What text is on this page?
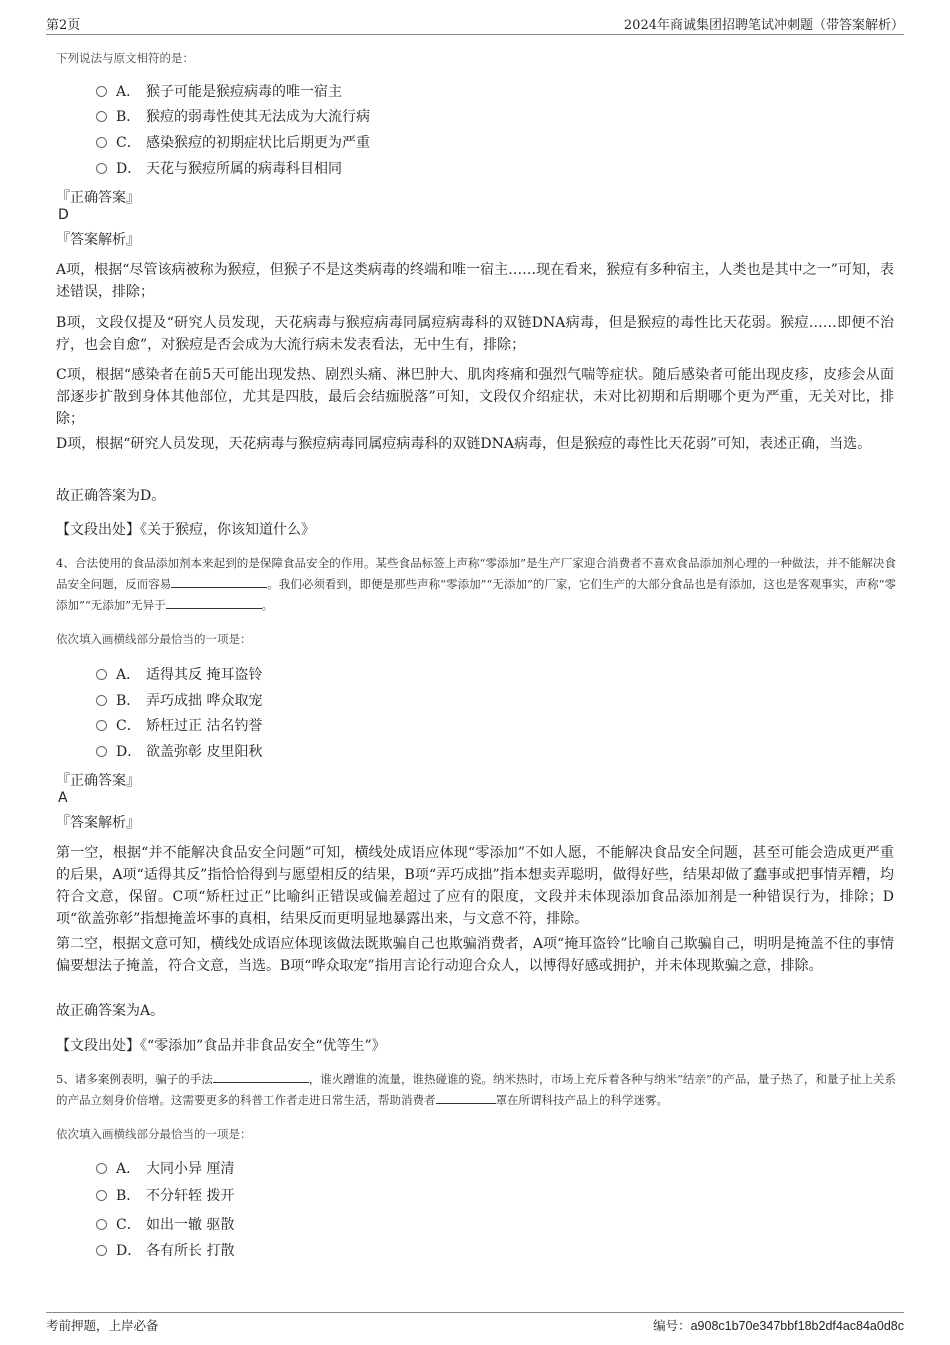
第2页	2024年商诚集团招聘笔试冲刺题（带答案解析）
下列说法与原文相符的是：
A． 猴子可能是猴痘病毒的唯一宿主
B． 猴痘的弱毒性使其无法成为大流行病
C． 感染猴痘的初期症状比后期更为严重
D． 天花与猴痘所属的病毒科目相同
『正确答案』
D
『答案解析』
A项，根据“尽管该病被称为猴痘，但猴子不是这类病毒的终端和唯一宿主……现在看来，猴痘有多种宿主，人类也是其中之一”可知，表述错误，排除；
B项，文段仅提及“研究人员发现，天花病毒与猴痘病毒同属痘病毒科的双链DNA病毒，但是猴痘的毒性比天花弱。猴痘……即便不治疗，也会自愈”，对猴痘是否会成为大流行病未发表看法，无中生有，排除；
C项，根据“感染者在前5天可能出现发热、剧烈头痛、淋巴肿大、肌肉疼痛和强烈气喘等症状。随后感染者可能出现皮疹，皮疹会从面部逐步扩散到身体其他部位，尤其是四肢，最后会结痂脱落”可知，文段仅介绍症状，未对比初期和后期哪个更为严重，无关对比，排除；
D项，根据“研究人员发现，天花病毒与猴痘病毒同属痘病毒科的双链DNA病毒，但是猴痘的毒性比天花弱”可知，表述正确，当选。
故正确答案为D。
【文段出处】《关于猴痘，你该知道什么》
4、合法使用的食品添加剂本来起到的是保障食品安全的作用。某些食品标签上声称“零添加”是生产厂家迎合消费者不喜欢食品添加剂心理的一种做法，并不能解决食品安全问题，反而容易	。我们必须看到，即便是那些声称“零添加”“无添加”的厂家，它们生产的大部分食品也是有添加，这也是客观事实，声称“零添加”“无添加”无异于	。
依次填入画横线部分最恰当的一项是：
A． 适得其反 掩耳盗铃
B． 弄巧成拙 哗众取宠
C． 矫枉过正 沽名钓誉
D． 欲盖弥彰 皮里阳秋
『正确答案』
A
『答案解析』
第一空，根据“并不能解决食品安全问题”可知，横线处成语应体现“零添加”不如人愿，不能解决食品安全问题，甚至可能会造成更严重的后果，A项“适得其反”指恰恰得到与愿望相反的结果，B项“弄巧成拙”指本想卖弄聪明，做得好些，结果却做了蠢事或把事情弄糟，均符合文意，保留。C项“矫枉过正”比喻纠正错误或偏差超过了应有的限度，文段并未体现添加食品添加剂是一种错误行为，排除；D项“欲盖弥彰”指想掩盖坏事的真相，结果反而更明显地暴露出来，与文意不符，排除。
第二空，根据文意可知，横线处成语应体现该做法既欺骗自己也欺骗消费者，A项“掩耳盗铃”比喻自己欺骗自己，明明是掩盖不住的事情偏要想法子掩盖，符合文意，当选。B项“哗众取宠”指用言论行动迎合众人，以博得好感或拥护，并未体现欺骗之意，排除。
故正确答案为A。
【文段出处】《“零添加”食品并非食品安全“优等生”》
5、诸多案例表明，骗子的手法	，谁火蹭谁的流量，谁热碰谁的瓷。纳米热时，市场上充斥着各种与纳米“结亲”的产品，量子热了，和量子扯上关系的产品立刻身价倍增。这需要更多的科普工作者走进日常生活，帮助消费者	罩在所谓科技产品上的科学迷雾。
依次填入画横线部分最恰当的一项是：
A． 大同小异 厘清
B． 不分轩轾 拨开
C． 如出一辙 驱散
D． 各有所长 打散
考前押题，上岸必备	编号：a908c1b70e347bbf18b2df4ac84a0d8c
